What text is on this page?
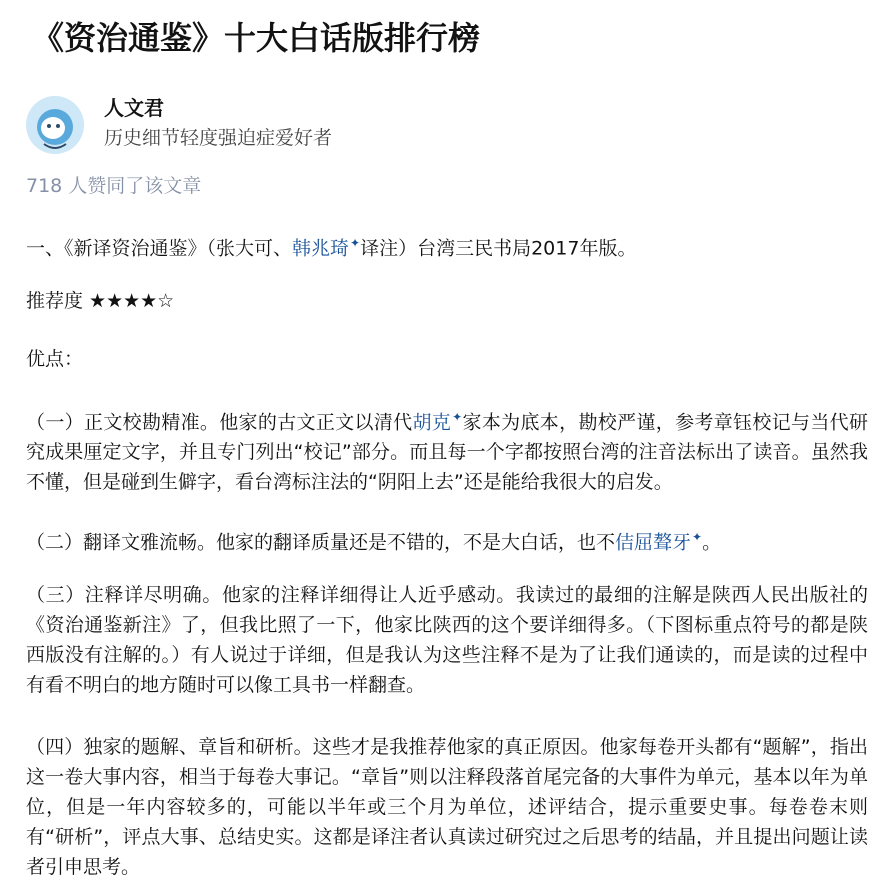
《资治通鉴》十大白话版排行榜
人文君
历史细节轻度强迫症爱好者
718 人赞同了该文章

一、《新译资治通鉴》（张大可、韩兆琦✦译注）台湾三民书局2017年版。

推荐度 ★★★★☆

优点：

（一）正文校勘精准。他家的古文正文以清代胡克✦家本为底本，勘校严谨，参考章钰校记与当代研究成果厘定文字，并且专门列出“校记”部分。而且每一个字都按照台湾的注音法标出了读音。虽然我不懂，但是碰到生僻字，看台湾标注法的“阴阳上去”还是能给我很大的启发。

（二）翻译文雅流畅。他家的翻译质量还是不错的，不是大白话，也不佶屈聱牙✦。

（三）注释详尽明确。他家的注释详细得让人近乎感动。我读过的最细的注解是陕西人民出版社的《资治通鉴新注》了，但我比照了一下，他家比陕西的这个要详细得多。（下图标重点符号的都是陕西版没有注解的。）有人说过于详细，但是我认为这些注释不是为了让我们通读的，而是读的过程中有看不明白的地方随时可以像工具书一样翻查。

（四）独家的题解、章旨和研析。这些才是我推荐他家的真正原因。他家每卷开头都有“题解”，指出这一卷大事内容，相当于每卷大事记。“章旨”则以注释段落首尾完备的大事件为单元，基本以年为单位，但是一年内容较多的，可能以半年或三个月为单位，述评结合，提示重要史事。每卷卷末则有“研析”，评点大事、总结史实。这都是译注者认真读过研究过之后思考的结晶，并且提出问题让读者引申思考。
